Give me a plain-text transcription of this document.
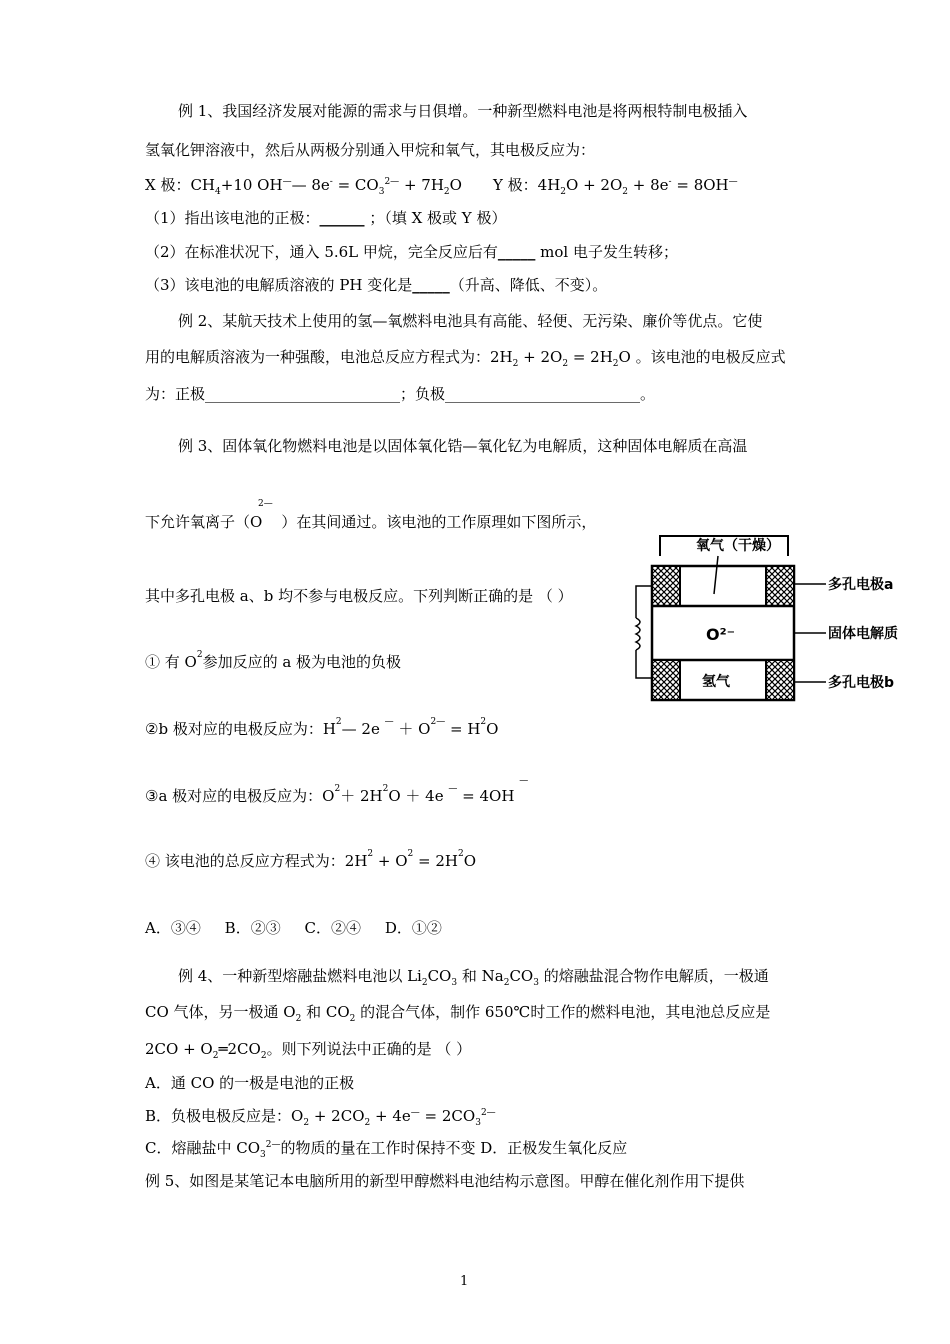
例 1、我国经济发展对能源的需求与日俱增。一种新型燃料电池是将两根特制电极插入
氢氧化钾溶液中，然后从两极分别通入甲烷和氧气，其电极反应为：
X 极：$CH_4+10$ OH—— $8e^- = CO_3^{2—} + 7H_2O$ Y 极：$4H_2O + 2O_2 + 8e^- = 8OH^—$
（1）指出该电池的正极：______ ；（填 X 极或 Y 极）
（2）在标准状况下，通入 5.6L 甲烷，完全反应后有_____ mol 电子发生转移；
（3）该电池的电解质溶液的 PH 变化是_____（升高、降低、不变）。
例 2、某航天技术上使用的氢—氧燃料电池具有高能、轻便、无污染、廉价等优点。它使
用的电解质溶液为一种强酸，电池总反应方程式为：$2H_2 + 2O_2 = 2H_2O$ 。该电池的电极反应式
为：正极__________________________；负极__________________________。
例 3、固体氧化物燃料电池是以固体氧化锆—氧化钇为电解质，这种固体电解质在高温
下允许氧离子（O
2—
）在其间通过。该电池的工作原理如下图所示，
其中多孔电极 a、b 均不参与电极反应。下列判断正确的是 （ ）
① 有 $O^2$参加反应的 a 极为电池的负极
②b 极对应的电极反应为：$H^2—$ 2e $^— + O^{2—} = H^2O$
③a 极对应的电极反应为：$O^2+ 2H^2O + 4e$ — = 4OH —
④ 该电池的总反应方程式为：$2H^2 + O^2 = 2H^2O$
A．③④     B．②③     C．②④     D．①②
氧气（干燥）
O²⁻
氢气
多孔电极a
固体电解质
多孔电极b
例 4、一种新型熔融盐燃料电池以 $Li_2CO_3$ 和 $Na_2CO_3$ 的熔融盐混合物作电解质，一极通
CO 气体，另一极通 $O_2$ 和 $CO_2$ 的混合气体，制作 650℃时工作的燃料电池，其电池总反应是
$2CO + O_2═2CO_2$。则下列说法中正确的是 （ ）
A．通 CO 的一极是电池的正极
B．负极电极反应是：$O_2 + 2CO_2 + 4e^— = 2CO_3^{2—}$
C．熔融盐中 $CO_3^{2—}$的物质的量在工作时保持不变 D．正极发生氧化反应
例 5、如图是某笔记本电脑所用的新型甲醇燃料电池结构示意图。甲醇在催化剂作用下提供
1
